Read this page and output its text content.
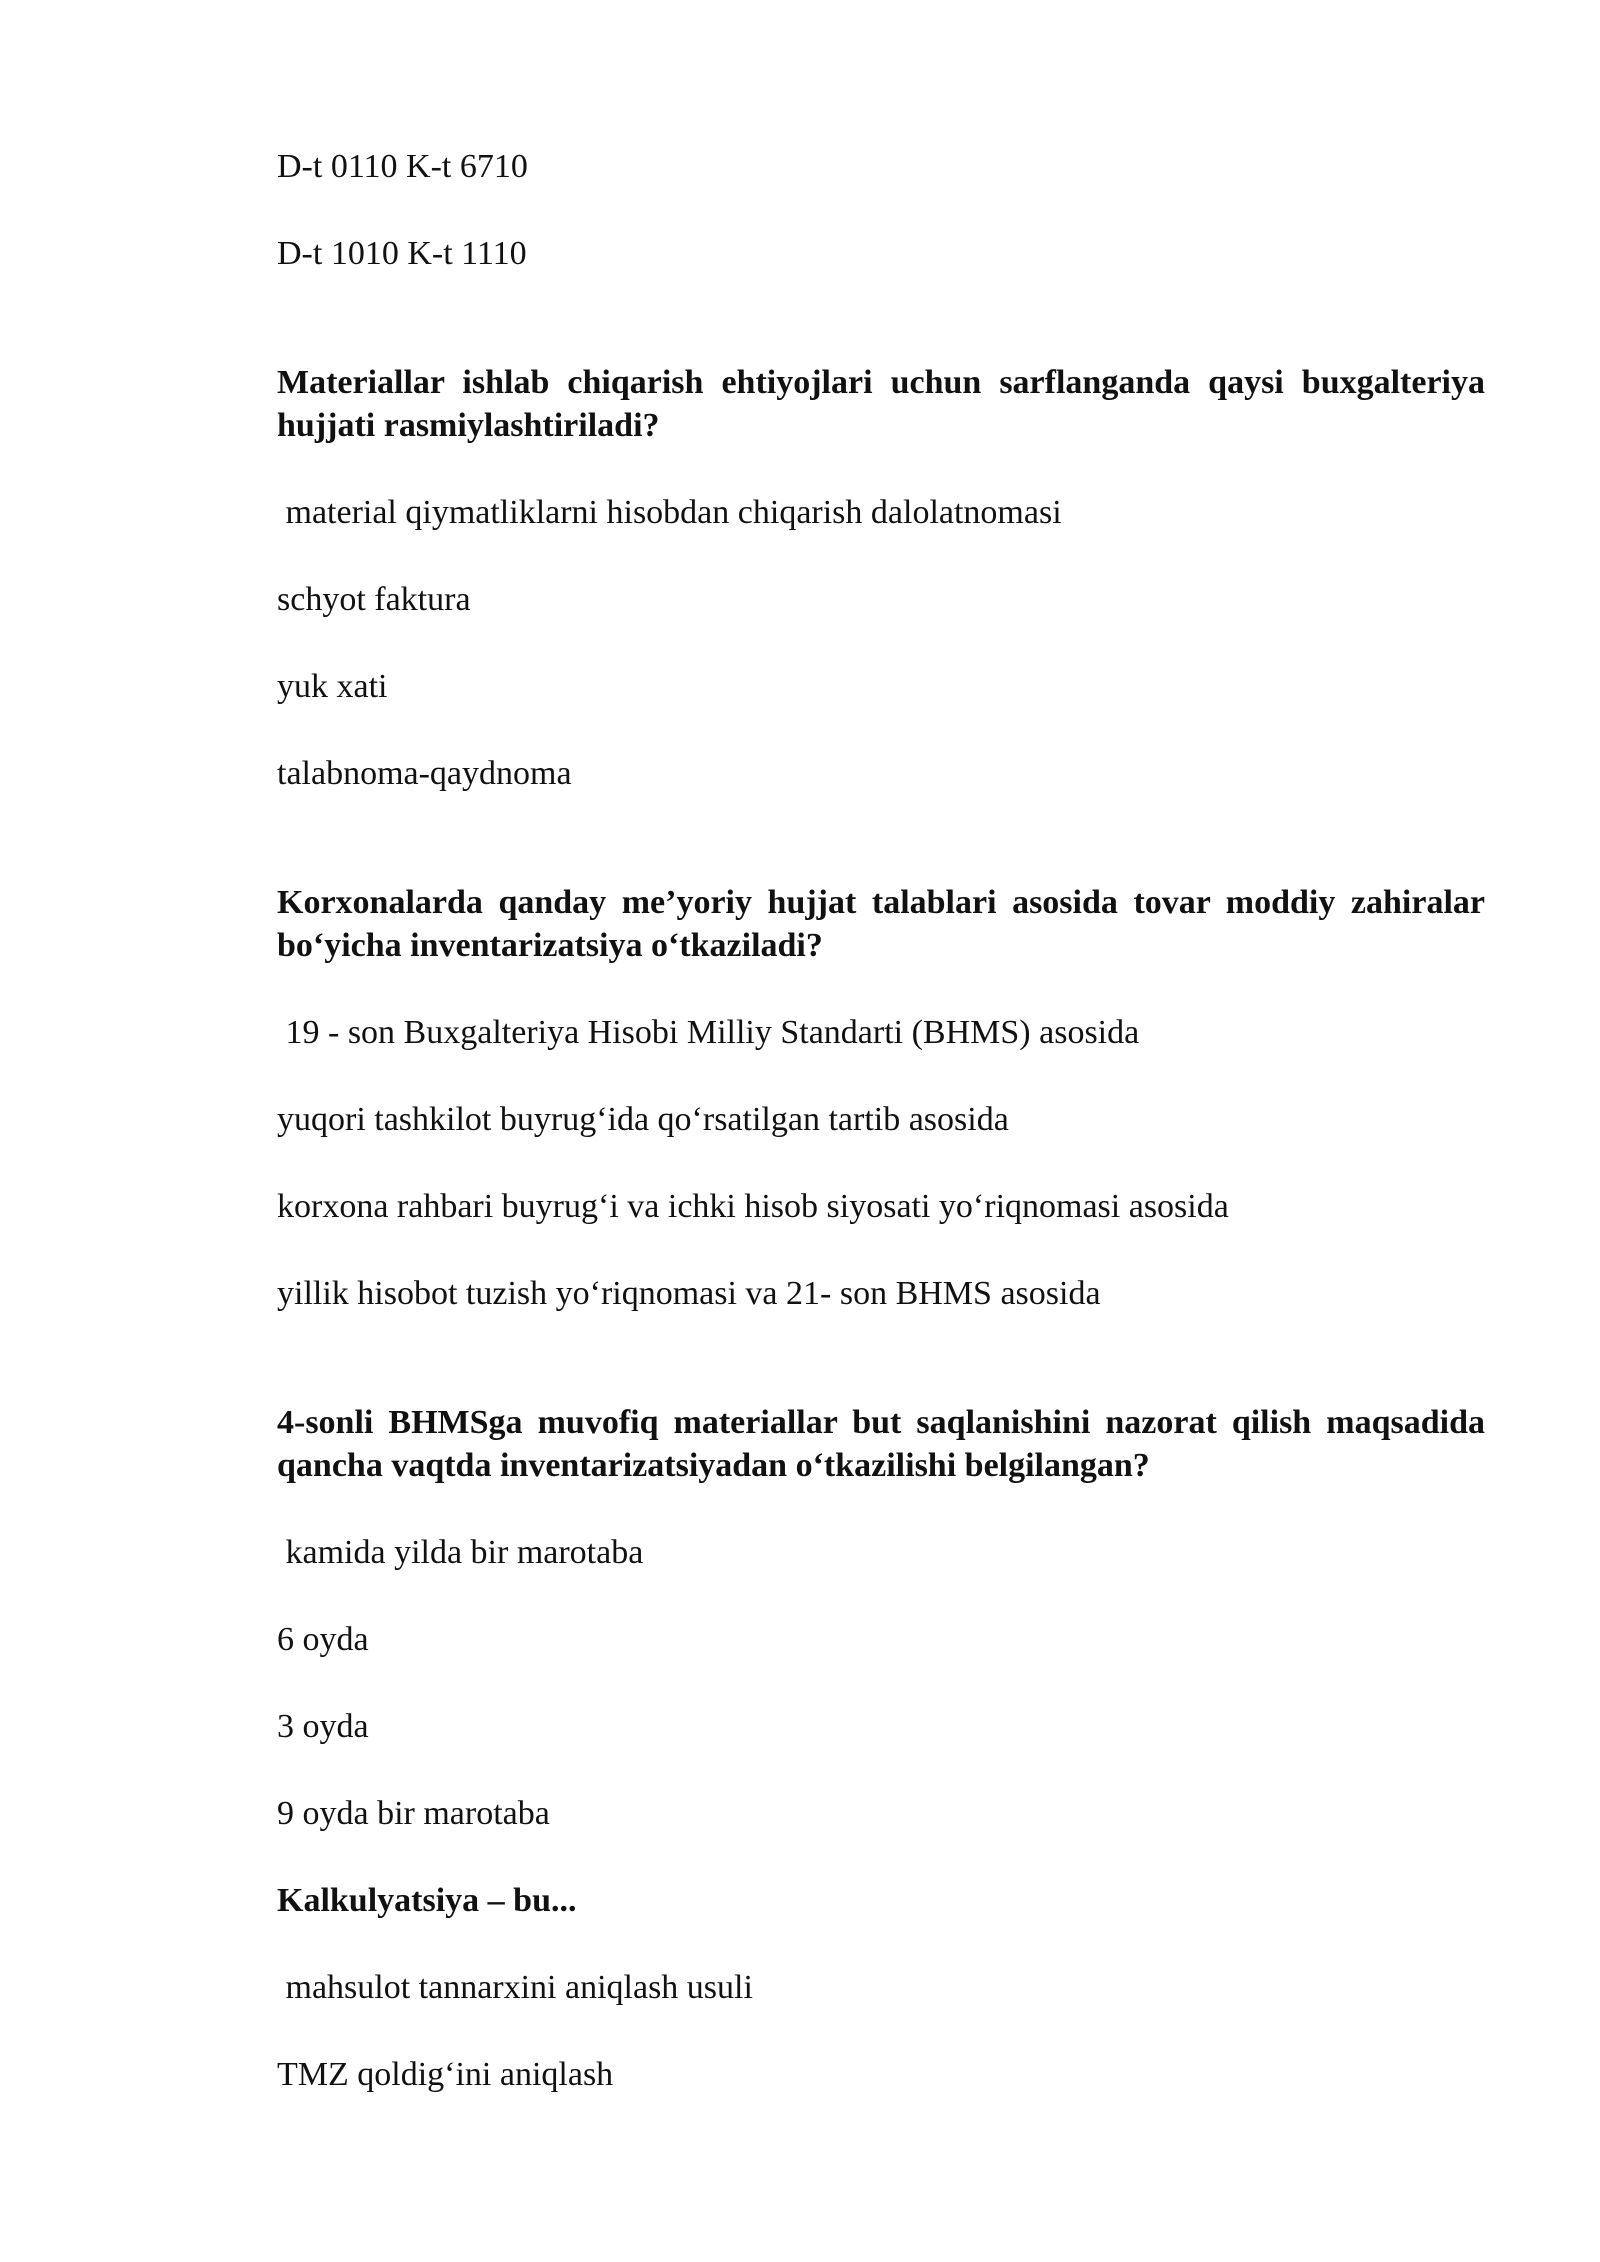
D-t 0110 K-t 6710

D-t 1010 K-t 1110

Materiallar ishlab chiqarish ehtiyojlari uchun sarflanganda qaysi buxgalteriya hujjati rasmiylashtiriladi?

material qiymatliklarni hisobdan chiqarish dalolatnomasi

schyot faktura

yuk xati

talabnoma-qaydnoma

Korxonalarda qanday me’yoriy hujjat talablari asosida tovar moddiy zahiralar bo‘yicha inventarizatsiya o‘tkaziladi?

19 - son Buxgalteriya Hisobi Milliy Standarti (BHMS) asosida

yuqori tashkilot buyrug‘ida qo‘rsatilgan tartib asosida

korxona rahbari buyrug‘i va ichki hisob siyosati yo‘riqnomasi asosida

yillik hisobot tuzish yo‘riqnomasi va 21- son BHMS asosida

4-sonli BHMSga muvofiq materiallar but saqlanishini nazorat qilish maqsadida qancha vaqtda inventarizatsiyadan o‘tkazilishi belgilangan?

kamida yilda bir marotaba

6 oyda

3 oyda

9 oyda bir marotaba

Kalkulyatsiya – bu...

mahsulot tannarxini aniqlash usuli

TMZ qoldig‘ini aniqlash
